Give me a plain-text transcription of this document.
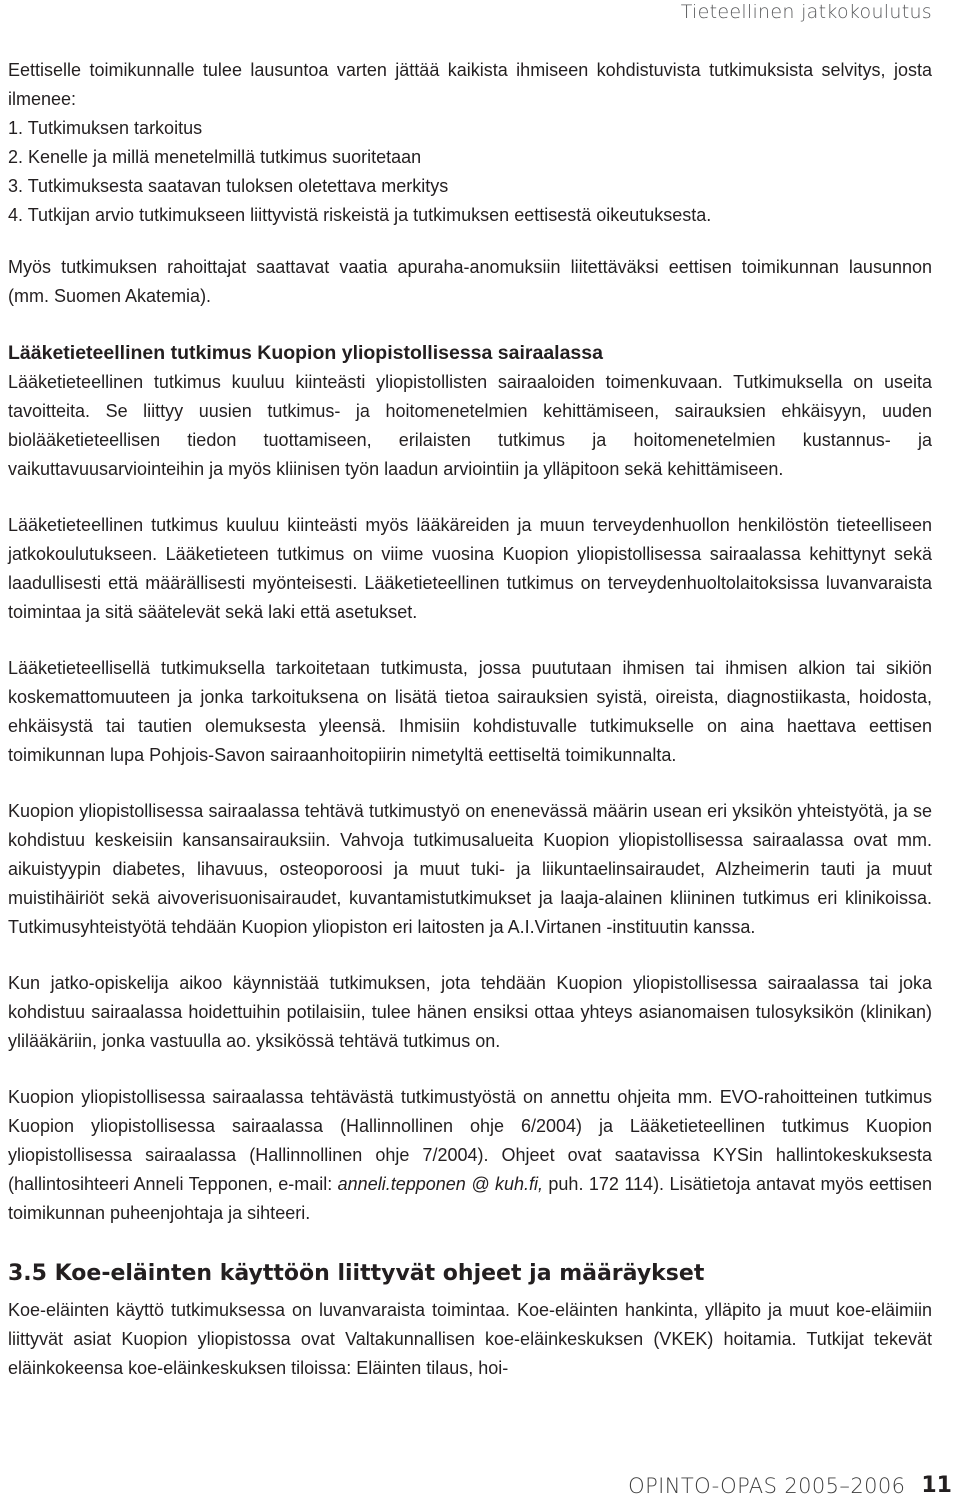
Tieteellinen jatkokoulutus

Eettiselle toimikunnalle tulee lausuntoa varten jättää kaikista ihmiseen kohdistuvista tutkimuksista selvitys, josta ilmenee:

1. Tutkimuksen tarkoitus

2. Kenelle ja millä menetelmillä tutkimus suoritetaan

3. Tutkimuksesta saatavan tuloksen oletettava merkitys

4. Tutkijan arvio tutkimukseen liittyvistä riskeistä ja tutkimuksen eettisestä oikeutuksesta.

Myös tutkimuksen rahoittajat saattavat vaatia apuraha-anomuksiin liitettäväksi eettisen toimikunnan lausunnon (mm. Suomen Akatemia).

Lääketieteellinen tutkimus Kuopion yliopistollisessa sairaalassa

Lääketieteellinen tutkimus kuuluu kiinteästi yliopistollisten sairaaloiden toimenkuvaan. Tutkimuksella on useita tavoitteita. Se liittyy uusien tutkimus- ja hoitomenetelmien kehittämiseen, sairauksien ehkäisyyn, uuden biolääketieteellisen tiedon tuottamiseen, erilaisten tutkimus ja hoitomenetelmien kustannus- ja vaikuttavuusarviointeihin ja myös kliinisen työn laadun arviointiin ja ylläpitoon sekä kehittämiseen.

Lääketieteellinen tutkimus kuuluu kiinteästi myös lääkäreiden ja muun terveydenhuollon henkilöstön tieteelliseen jatkokoulutukseen. Lääketieteen tutkimus on viime vuosina Kuopion yliopistollisessa sairaalassa kehittynyt sekä laadullisesti että määrällisesti myönteisesti. Lääketieteellinen tutkimus on terveydenhuoltolaitoksissa luvanvaraista toimintaa ja sitä säätelevät sekä laki että asetukset.

Lääketieteellisellä tutkimuksella tarkoitetaan tutkimusta, jossa puututaan ihmisen tai ihmisen alkion tai sikiön koskemattomuuteen ja jonka tarkoituksena on lisätä tietoa sairauksien syistä, oireista, diagnostiikasta, hoidosta, ehkäisystä tai tautien olemuksesta yleensä. Ihmisiin kohdistuvalle tutkimukselle on aina haettava eettisen toimikunnan lupa Pohjois-Savon sairaanhoitopiirin nimetyltä eettiseltä toimikunnalta.

Kuopion yliopistollisessa sairaalassa tehtävä tutkimustyö on enenevässä määrin usean eri yksikön yhteistyötä, ja se kohdistuu keskeisiin kansansairauksiin. Vahvoja tutkimusalueita Kuopion yliopistollisessa sairaalassa ovat mm. aikuistyypin diabetes, lihavuus, osteoporoosi ja muut tuki- ja liikuntaelinsairaudet, Alzheimerin tauti ja muut muistihäiriöt sekä aivoverisuonisairaudet, kuvantamistutkimukset ja laaja-alainen kliininen tutkimus eri klinikoissa. Tutkimusyhteistyötä tehdään Kuopion yliopiston eri laitosten ja A.I.Virtanen -instituutin kanssa.

Kun jatko-opiskelija aikoo käynnistää tutkimuksen, jota tehdään Kuopion yliopistollisessa sairaalassa tai joka kohdistuu sairaalassa hoidettuihin potilaisiin, tulee hänen ensiksi ottaa yhteys asianomaisen tulosyksikön (klinikan) ylilääkäriin, jonka vastuulla ao. yksikössä tehtävä tutkimus on.

Kuopion yliopistollisessa sairaalassa tehtävästä tutkimustyöstä on annettu ohjeita mm. EVO-rahoitteinen tutkimus Kuopion yliopistollisessa sairaalassa (Hallinnollinen ohje 6/2004) ja Lääketieteellinen tutkimus Kuopion yliopistollisessa sairaalassa (Hallinnollinen ohje 7/2004). Ohjeet ovat saatavissa KYSin hallintokeskuksesta (hallintosihteeri Anneli Tepponen, e-mail: anneli.tepponen @ kuh.fi, puh. 172 114). Lisätietoja antavat myös eettisen toimikunnan puheenjohtaja ja sihteeri.

3.5 Koe-eläinten käyttöön liittyvät ohjeet ja määräykset

Koe-eläinten käyttö tutkimuksessa on luvanvaraista toimintaa. Koe-eläinten hankinta, ylläpito ja muut koe-eläimiin liittyvät asiat Kuopion yliopistossa ovat Valtakunnallisen koe-eläinkeskuksen (VKEK) hoitamia. Tutkijat tekevät eläinkokeensa koe-eläinkeskuksen tiloissa: Eläinten tilaus, hoi-

OPINTO-OPAS 2005–2006 11
